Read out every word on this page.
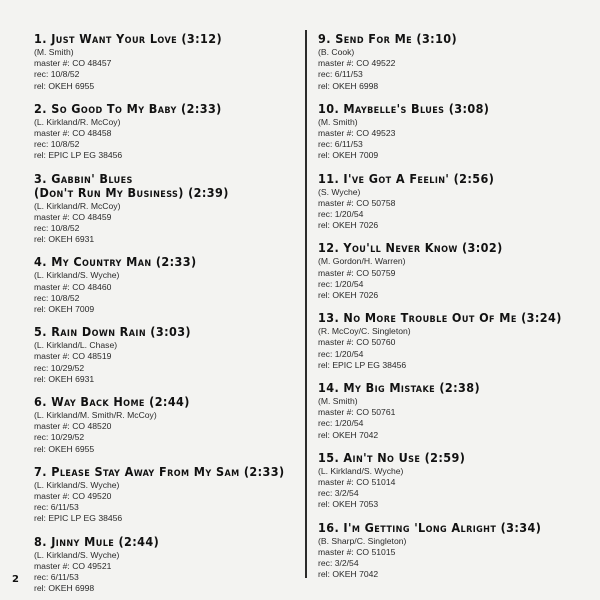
1. Just Want Your Love (3:12)
(M. Smith)
master #: CO 48457
rec: 10/8/52
rel: OKEH 6955
2. So Good To My Baby (2:33)
(L. Kirkland/R. McCoy)
master #: CO 48458
rec: 10/8/52
rel: EPIC LP EG 38456
3. Gabbin' Blues
(Don't Run My Business) (2:39)
(L. Kirkland/R. McCoy)
master #: CO 48459
rec: 10/8/52
rel: OKEH 6931
4. My Country Man (2:33)
(L. Kirkland/S. Wyche)
master #: CO 48460
rec: 10/8/52
rel: OKEH 7009
5. Rain Down Rain (3:03)
(L. Kirkland/L. Chase)
master #: CO 48519
rec: 10/29/52
rel: OKEH 6931
6. Way Back Home (2:44)
(L. Kirkland/M. Smith/R. McCoy)
master #: CO 48520
rec: 10/29/52
rel: OKEH 6955
7. Please Stay Away From My Sam (2:33)
(L. Kirkland/S. Wyche)
master #: CO 49520
rec: 6/11/53
rel: EPIC LP EG 38456
8. Jinny Mule (2:44)
(L. Kirkland/S. Wyche)
master #: CO 49521
rec: 6/11/53
rel: OKEH 6998
9. Send For Me (3:10)
(B. Cook)
master #: CO 49522
rec: 6/11/53
rel: OKEH 6998
10. Maybelle's Blues (3:08)
(M. Smith)
master #: CO 49523
rec: 6/11/53
rel: OKEH 7009
11. I've Got A Feelin' (2:56)
(S. Wyche)
master #: CO 50758
rec: 1/20/54
rel: OKEH 7026
12. You'll Never Know (3:02)
(M. Gordon/H. Warren)
master #: CO 50759
rec: 1/20/54
rel: OKEH 7026
13. No More Trouble Out Of Me (3:24)
(R. McCoy/C. Singleton)
master #: CO 50760
rec: 1/20/54
rel: EPIC LP EG 38456
14. My Big Mistake (2:38)
(M. Smith)
master #: CO 50761
rec: 1/20/54
rel: OKEH 7042
15. Ain't No Use (2:59)
(L. Kirkland/S. Wyche)
master #: CO 51014
rec: 3/2/54
rel: OKEH 7053
16. I'm Getting 'Long Alright (3:34)
(B. Sharp/C. Singleton)
master #: CO 51015
rec: 3/2/54
rel: OKEH 7042
2
